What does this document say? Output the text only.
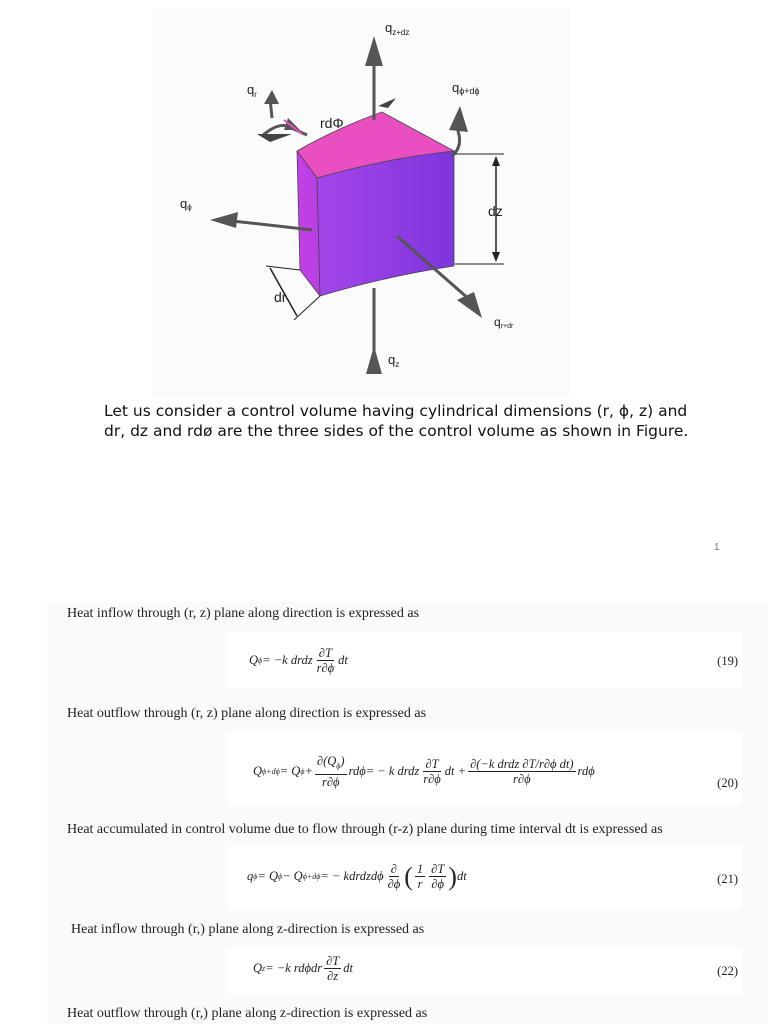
$q_{z+dz}$
$q_r$
rdΦ
qϕ+dϕ
qϕ	dz
dr
qr+dr
$q_z$
Let us consider a control volume having cylindrical dimensions (r, ϕ, z) and
dr, dz and rdø are the three sides of the control volume as shown in Figure.
1
Heat inflow through (r, z) plane along direction is expressed as
Q ϕ = −k drdz $\frac{\partial T}{r\partial\phi}$ dt	(19)
Heat outflow through (r, z) plane along direction is expressed as
Q ϕ+dϕ = Q $\phi + \frac{\partial(Q_\phi)}{r\partial\phi}$ rdϕ = − k drdz $\frac{\partial T}{r\partial\phi}$ dt + $\frac{\text{∂(−k drdz ∂T/r∂ϕ dt)}}{r\partial\phi}$ rdϕ
(20)
Heat accumulated in control volume due to flow through (r-z) plane during time interval dt is expressed as
q ϕ = Q ϕ − Q ϕ+dϕ = − kdrdzdϕ $\frac{\partial}{\partial\phi}$ ( $\frac{1}{r} \frac{\partial T}{\partial\phi}$ ) dt	(21)
Heat inflow through (r,) plane along z-direction is expressed as
Q z = −k rdϕdr $\frac{\partial T}{\partial z}$ dt	(22)
Heat outflow through (r,) plane along z-direction is expressed as
